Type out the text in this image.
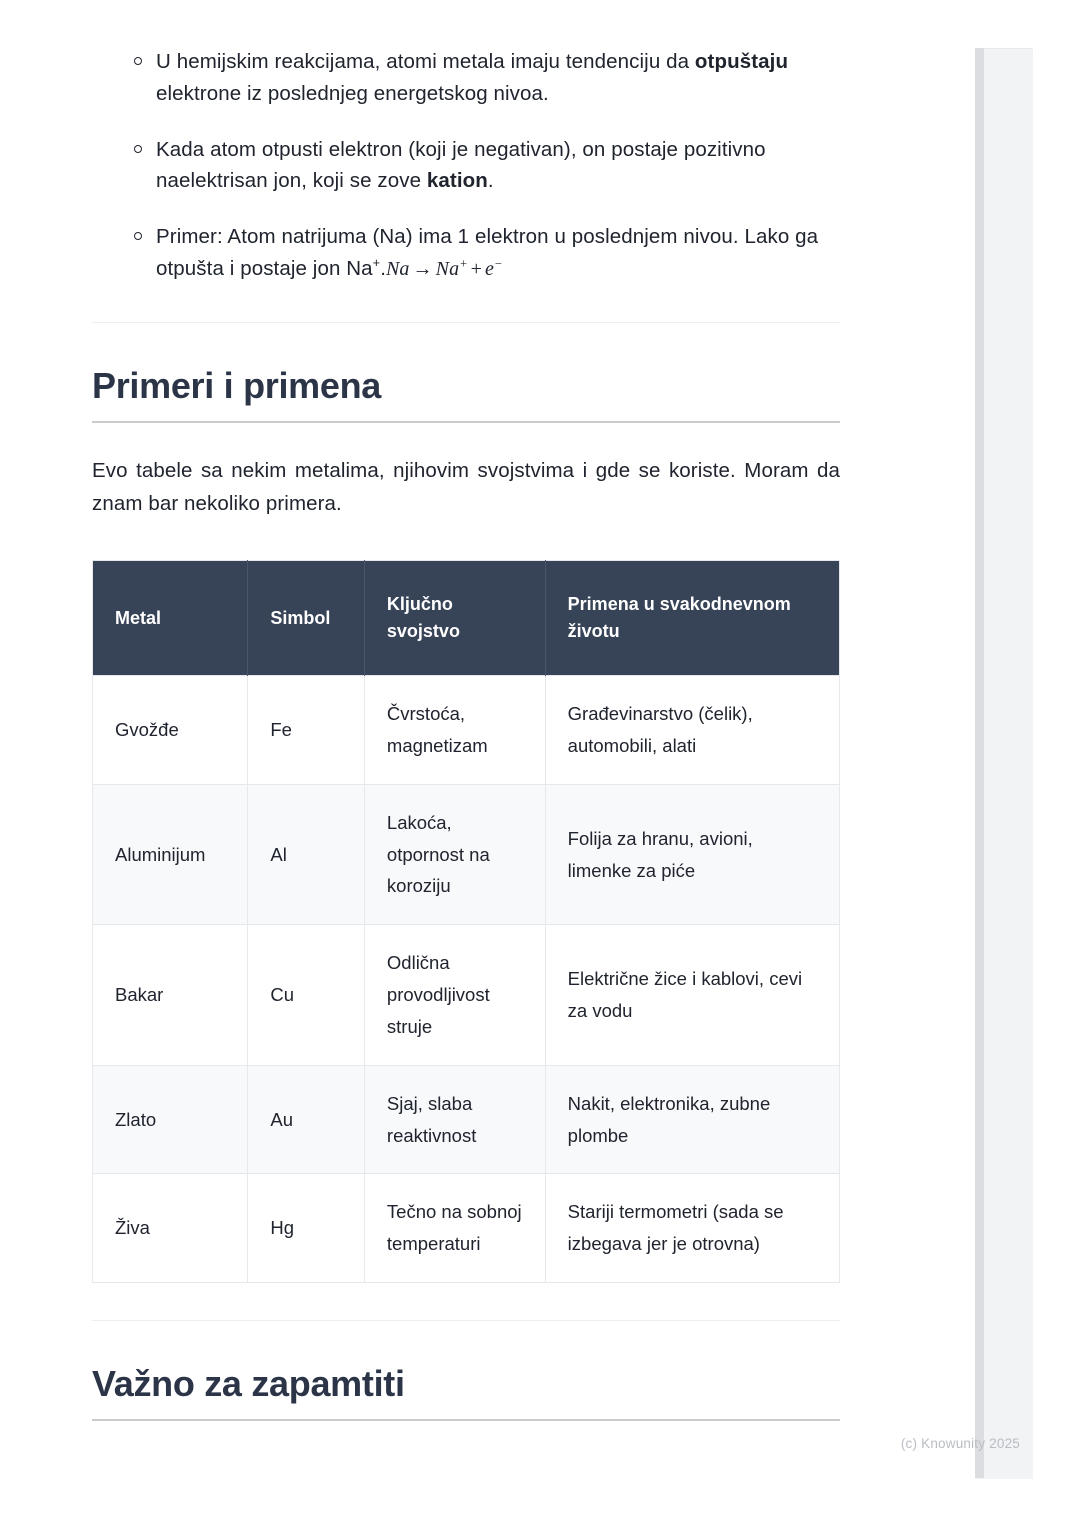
U hemijskim reakcijama, atomi metala imaju tendenciju da otpuštaju elektrone iz poslednjeg energetskog nivoa.
Kada atom otpusti elektron (koji je negativan), on postaje pozitivno naelektrisan jon, koji se zove kation.
Primer: Atom natrijuma (Na) ima 1 elektron u poslednjem nivou. Lako ga otpušta i postaje jon Na+.Na → Na+ + e−
Primeri i primena

Evo tabele sa nekim metalima, njihovim svojstvima i gde se koriste. Moram da znam bar nekoliko primera.

Metal	Simbol	Ključno svojstvo	Primena u svakodnevnom životu
Gvožđe	Fe	Čvrstoća, magnetizam	Građevinarstvo (čelik), automobili, alati
Aluminijum	Al	Lakoća, otpornost na koroziju	Folija za hranu, avioni, limenke za piće
Bakar	Cu	Odlična provodljivost struje	Električne žice i kablovi, cevi za vodu
Zlato	Au	Sjaj, slaba reaktivnost	Nakit, elektronika, zubne plombe
Živa	Hg	Tečno na sobnoj temperaturi	Stariji termometri (sada se izbegava jer je otrovna)
Važno za zapamtiti
(c) Knowunity 2025
